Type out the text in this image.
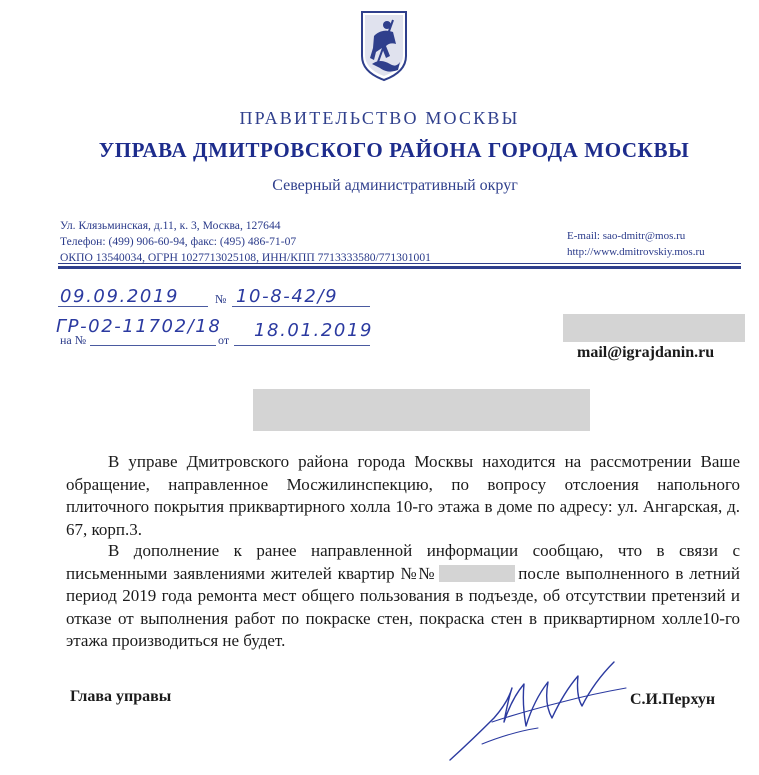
ПРАВИТЕЛЬСТВО МОСКВЫ
УПРАВА ДМИТРОВСКОГО РАЙОНА ГОРОДА МОСКВЫ
Северный административный округ
Ул. Клязьминская, д.11, к. 3, Москва, 127644
Телефон: (499) 906-60-94, факс: (495) 486-71-07
ОКПО 13540034, ОГРН 1027713025108, ИНН/КПП 7713333580/771301001
E-mail: sao-dmitr@mos.ru
http://www.dmitrovskiy.mos.ru
09.09.2019	№ 10-8-42/9
ГР-02-11702/18
на №	от 18.01.2019
mail@igrajdanin.ru
В управе Дмитровского района города Москвы находится на рассмотрении Ваше обращение, направленное Мосжилинспекцию, по вопросу отслоения напольного плиточного покрытия приквартирного холла 10-го этажа в доме по адресу: ул. Ангарская, д. 67, корп.3.
В дополнение к ранее направленной информации сообщаю, что в связи с письменными заявлениями жителей квартир №№	после выполненного в летний период 2019 года ремонта мест общего пользования в подъезде, об отсутствии претензий и отказе от выполнения работ по покраске стен, покраска стен в приквартирном холле10-го этажа производиться не будет.
Глава управы	С.И.Перхун
